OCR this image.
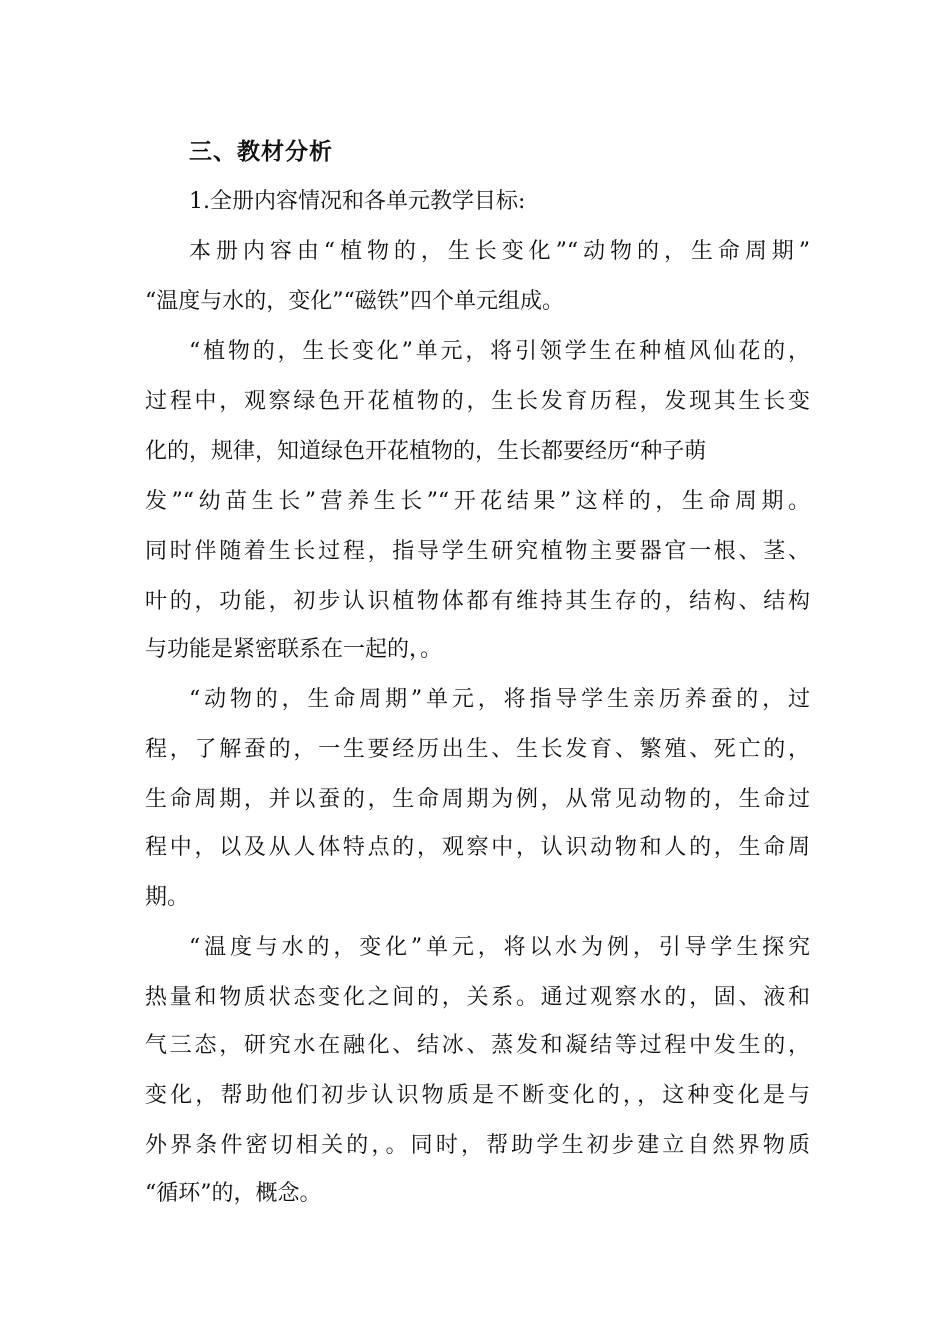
三、教材分析
1.全册内容情况和各单元教学目标:
本册内容由“植物的，生长变化”“动物的，生命周期”
“温度与水的，变化”“磁铁”四个单元组成。
“植物的，生长变化”单元，将引领学生在种植风仙花的，
过程中，观察绿色开花植物的，生长发育历程，发现其生长变
化的，规律，知道绿色开花植物的，生长都要经历“种子萌
发”“幼苗生长”营养生长”“开花结果”这样的，生命周期。
同时伴随着生长过程，指导学生研究植物主要器官一根、茎、
叶的，功能，初步认识植物体都有维持其生存的，结构、结构
与功能是紧密联系在一起的，。
“动物的，生命周期”单元，将指导学生亲历养蚕的，过
程，了解蚕的，一生要经历出生、生长发育、繁殖、死亡的，
生命周期，并以蚕的，生命周期为例，从常见动物的，生命过
程中，以及从人体特点的，观察中，认识动物和人的，生命周
期。
“温度与水的，变化”单元，将以水为例，引导学生探究
热量和物质状态变化之间的，关系。通过观察水的，固、液和
气三态，研究水在融化、结冰、蒸发和凝结等过程中发生的，
变化，帮助他们初步认识物质是不断变化的，，这种变化是与
外界条件密切相关的，。同时，帮助学生初步建立自然界物质
“循环”的，概念。
